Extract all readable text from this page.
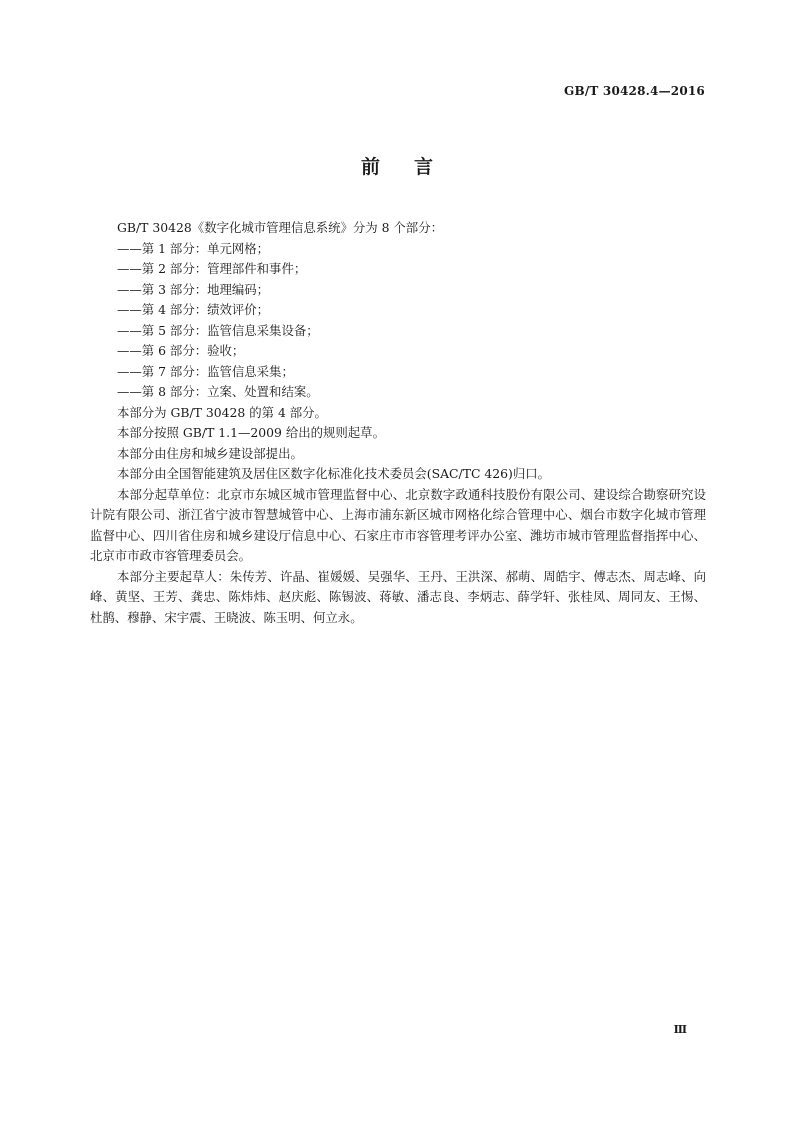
GB/T 30428.4—2016
前言

GB/T 30428《数字化城市管理信息系统》分为 8 个部分：

——第 1 部分：单元网格；

——第 2 部分：管理部件和事件；

——第 3 部分：地理编码；

——第 4 部分：绩效评价；

——第 5 部分：监管信息采集设备；

——第 6 部分：验收；

——第 7 部分：监管信息采集；

——第 8 部分：立案、处置和结案。

本部分为 GB/T 30428 的第 4 部分。

本部分按照 GB/T 1.1—2009 给出的规则起草。

本部分由住房和城乡建设部提出。

本部分由全国智能建筑及居住区数字化标准化技术委员会(SAC/TC 426)归口。

本部分起草单位：北京市东城区城市管理监督中心、北京数字政通科技股份有限公司、建设综合勘察研究设计院有限公司、浙江省宁波市智慧城管中心、上海市浦东新区城市网格化综合管理中心、烟台市数字化城市管理监督中心、四川省住房和城乡建设厅信息中心、石家庄市市容管理考评办公室、潍坊市城市管理监督指挥中心、北京市市政市容管理委员会。

本部分主要起草人：朱传芳、许晶、崔媛媛、吴强华、王丹、王洪深、郝萌、周皓宇、傅志杰、周志峰、向峰、黄坚、王芳、龚忠、陈炜炜、赵庆彪、陈锡波、蒋敏、潘志良、李炳志、薛学轩、张桂凤、周同友、王惕、杜鹊、穆静、宋宇震、王晓波、陈玉明、何立永。

Ⅲ
